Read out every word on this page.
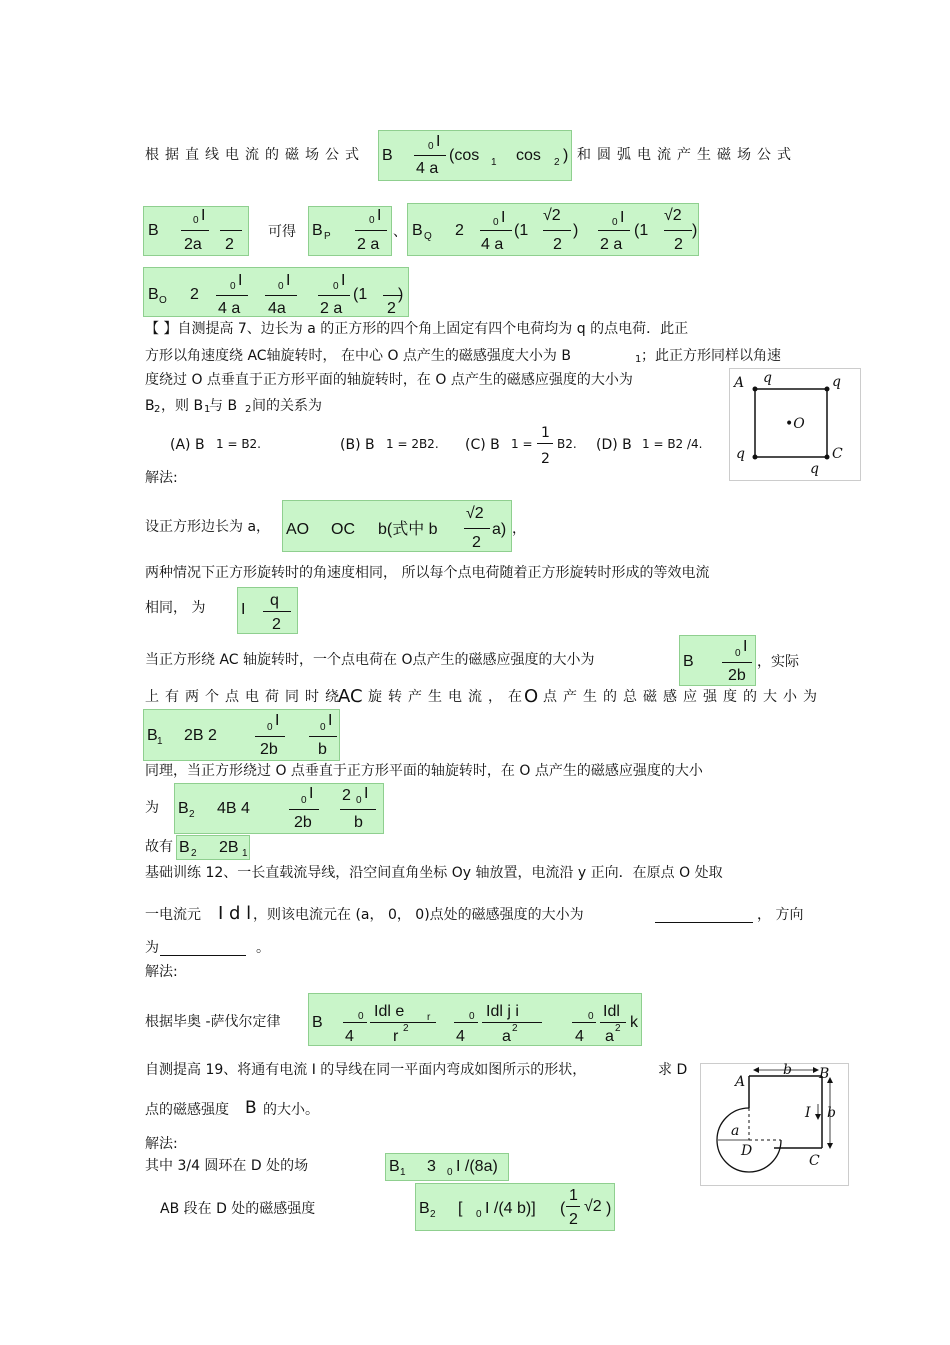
根据直线电流的磁场公式 B
0 I
4 a
(cos 1 cos 2 ) 和圆弧电流产生磁场公式
B
0 I
2a 2
可得 B P
0 I
2 a
、 B Q 2	0 I
4 a
(1
√2
2
)	0 I
2 a
(1
√2
2
)
B O 2	0 I
4 a
0 I
4a
0 I
2 a
(1
2
)
【 】自测提高 7、边长为 a 的正方形的四个角上固定有四个电荷均为 q 的点电荷．此正
方形以角速度绕 AC轴旋转时， 在中心 O 点产生的磁感强度大小为 B	1 ；此正方形同样以角速
度绕过 O 点垂直于正方形平面的轴旋转时，在 O 点产生的磁感应强度的大小为
B 2 ，则 B 1
与 B 2 间的关系为
(A) B 1 = B2.	(B) B 1 = 2B2. (C) B 1 =
1
2
B2. (D) B 1 = B2 /4.
解法:
A q	q
•O
q	C
q
设正方形边长为 a， AO OC b(式中 b
√2
2
a) ，
两种情况下正方形旋转时的角速度相同， 所以每个点电荷随着正方形旋转时形成的等效电流
相同， 为 I
q
2
当正方形绕 AC 轴旋转时，一个点电荷在 O点产生的磁感应强度的大小为	B	0 I
2b
，实际
上有两个点电荷同时绕
AC 旋转产生电流，在
O 点产生的总磁感应强度的大小为
B 1 2B 2	0 I
2b
0 I
b
同理，当正方形绕过 O 点垂直于正方形平面的轴旋转时，在 O 点产生的磁感应强度的大小
为 B 2 4B 4	0 I
2b
2 0 I
b
故有 B 2 2B 1
基础训练 12、一长直载流导线，沿空间直角坐标 Oy 轴放置，电流沿 y 正向．在原点 O 处取
一电流元 I d l ，则该电流元在 (a， 0， 0)点处的磁感强度的大小为	， 方向
为	。
解法:
根据毕奥 -萨伐尔定律 B	0
4
Idl e r
r 2
0
4
Idl j i
a 2
0
4
Idl
a 2 k
自测提高 19、将通有电流 I 的导线在同一平面内弯成如图所示的形状，	求 D
点的磁感强度 B 的大小。
解法:
其中 3/4 圆环在 D 处的场	B 1 3 0 I /(8a)
AB 段在 D 处的磁感强度	B 2 [ 0 I /(4 b)] (
1
2
√2 )
A	B
b
b
I
a
D
C
